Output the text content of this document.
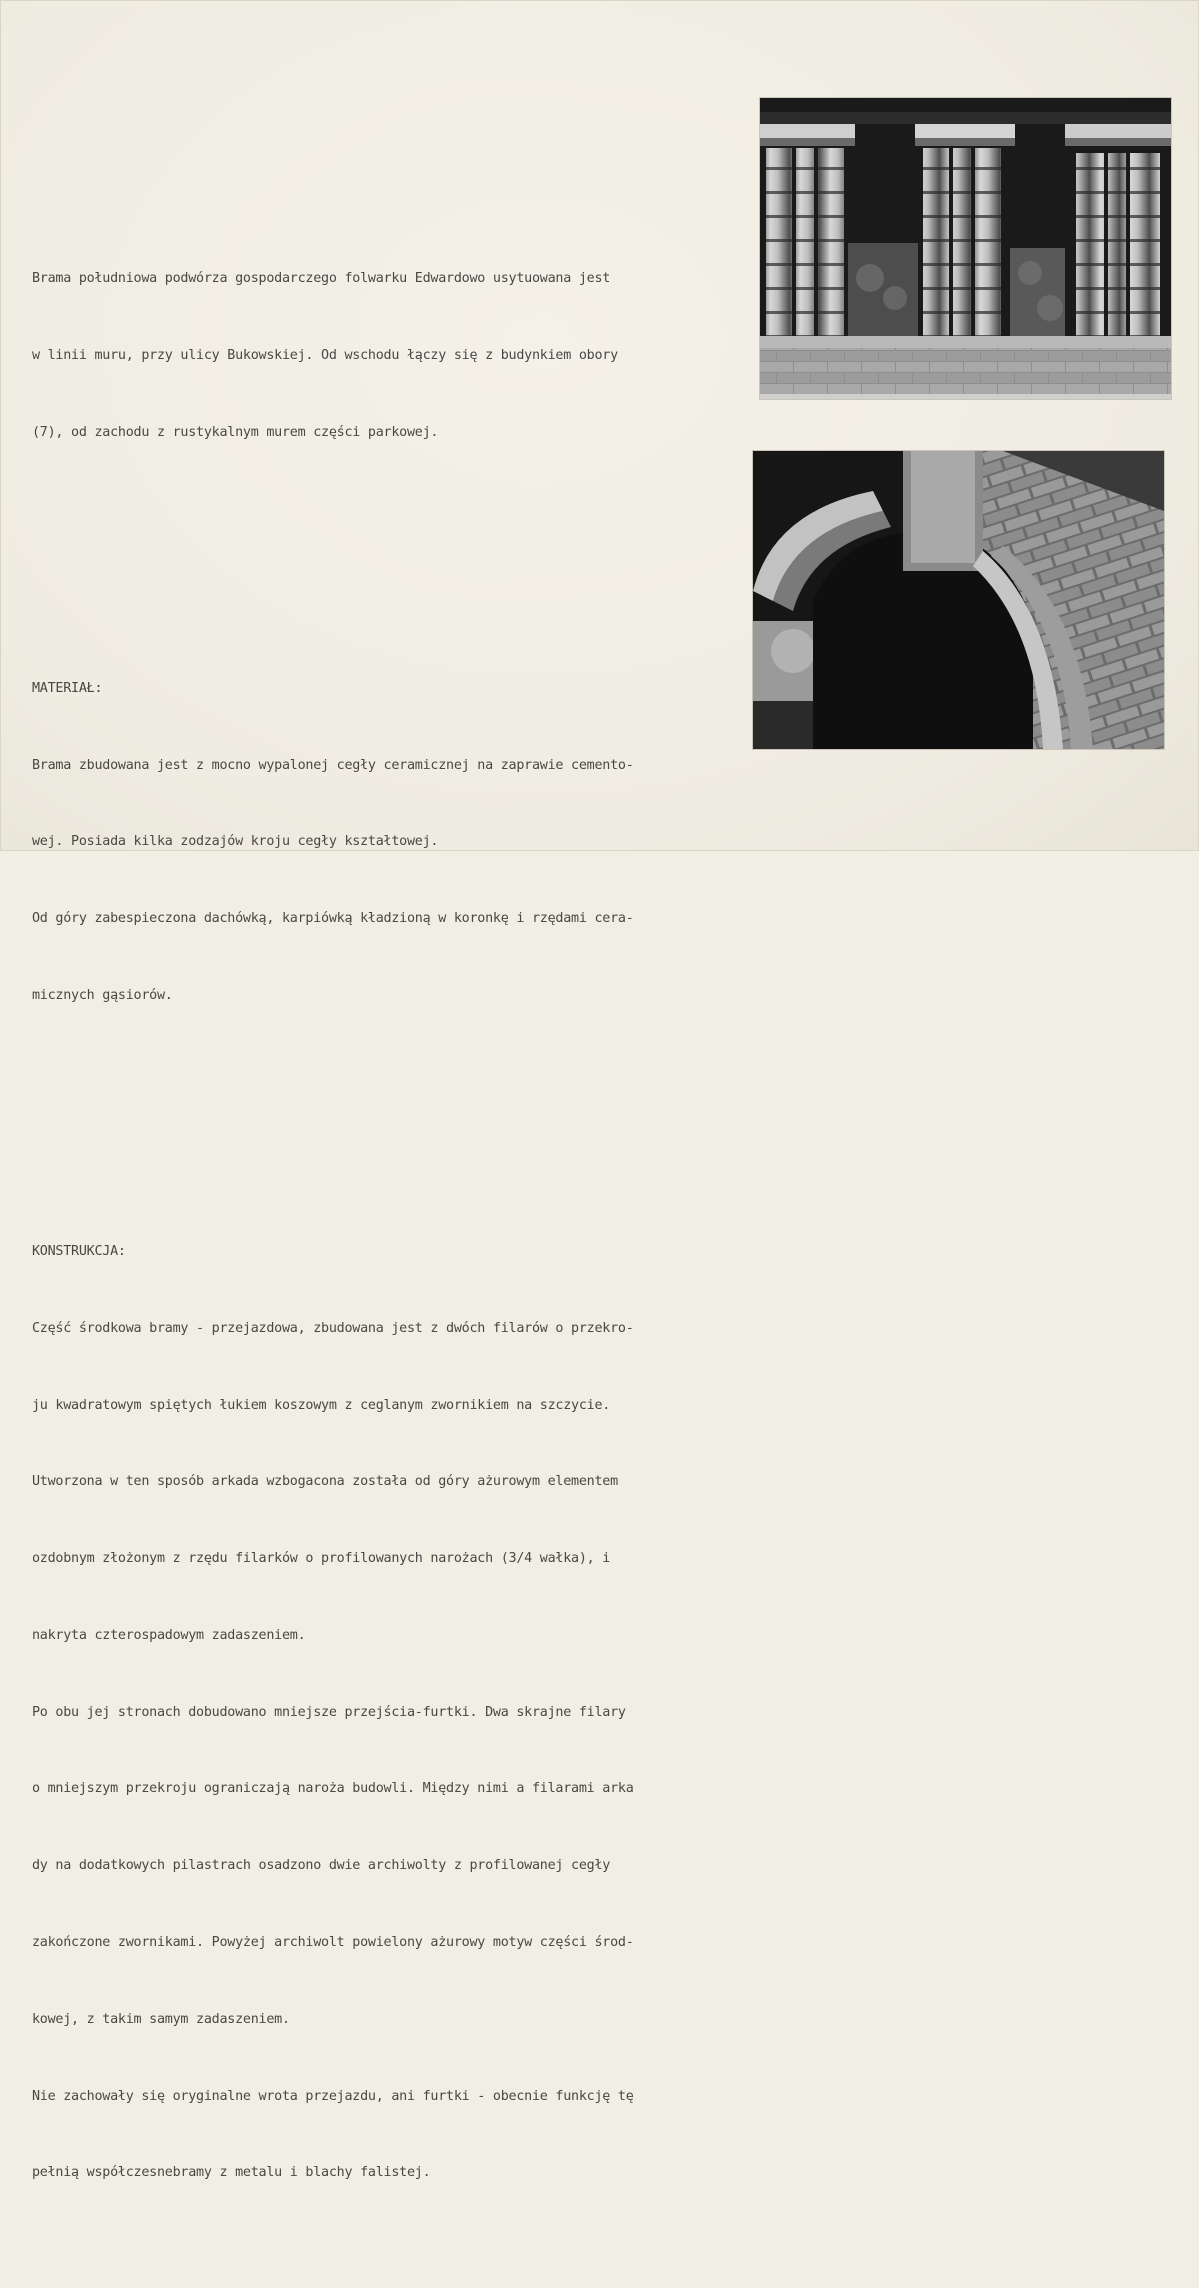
Brama południowa podwórza gospodarczego folwarku Edwardowo usytuowana jest

w linii muru, przy ulicy Bukowskiej. Od wschodu łączy się z budynkiem obory

(7), od zachodu z rustykalnym murem części parkowej.

MATERIAŁ:

Brama zbudowana jest z mocno wypalonej cegły ceramicznej na zaprawie cemento-

wej. Posiada kilka zodzajów kroju cegły kształtowej.

Od góry zabespieczona dachówką, karpiówką kładzioną w koronkę i rzędami cera-

micznych gąsiorów.

KONSTRUKCJA:

Część środkowa bramy - przejazdowa, zbudowana jest z dwóch filarów o przekro-

ju kwadratowym spiętych łukiem koszowym z ceglanym zwornikiem na szczycie.

Utworzona w ten sposób arkada wzbogacona została od góry ażurowym elementem

ozdobnym złożonym z rzędu filarków o profilowanych narożach (3/4 wałka), i

nakryta czterospadowym zadaszeniem.

Po obu jej stronach dobudowano mniejsze przejścia-furtki. Dwa skrajne filary

o mniejszym przekroju ograniczają naroża budowli. Między nimi a filarami arka

dy na dodatkowych pilastrach osadzono dwie archiwolty z profilowanej cegły

zakończone zwornikami. Powyżej archiwolt powielony ażurowy motyw części środ-

kowej, z takim samym zadaszeniem.

Nie zachowały się oryginalne wrota przejazdu, ani furtki - obecnie funkcję tę

pełnią współczesnebramy z metalu i blachy falistej.
